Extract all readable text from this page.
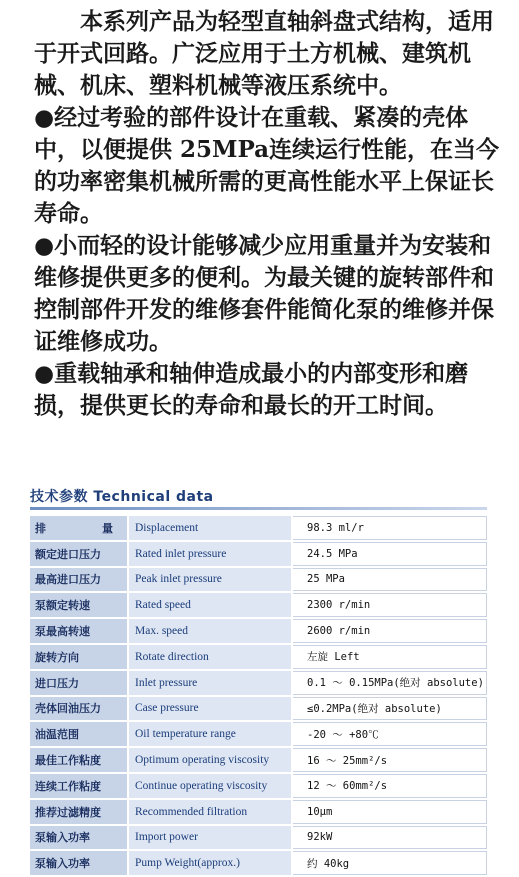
本系列产品为轻型直轴斜盘式结构，适用于开式回路。广泛应用于土方机械、建筑机械、机床、塑料机械等液压系统中。

●经过考验的部件设计在重载、紧凑的壳体中，以便提供 25MPa连续运行性能，在当今的功率密集机械所需的更高性能水平上保证长寿命。

●小而轻的设计能够减少应用重量并为安装和维修提供更多的便利。为最关键的旋转部件和控制部件开发的维修套件能简化泵的维修并保证维修成功。

●重载轴承和轴伸造成最小的内部变形和磨损，提供更长的寿命和最长的开工时间。

技术参数 Technical data
排 量	Displacement	98.3 ml/r
额定进口压力	Rated inlet pressure	24.5 MPa
最高进口压力	Peak inlet pressure	25 MPa
泵额定转速	Rated speed	2300 r/min
泵最高转速	Max. speed	2600 r/min
旋转方向	Rotate direction	左旋 Left
进口压力	Inlet pressure	0.1 ～ 0.15MPa(绝对 absolute)
壳体回油压力	Case pressure	≤0.2MPa(绝对 absolute)
油温范围	Oil temperature range	-20 ～ +80℃
最佳工作粘度	Optimum operating viscosity	16 ～ 25mm²/s
连续工作粘度	Continue operating viscosity	12 ～ 60mm²/s
推荐过滤精度	Recommended filtration	10μm
泵输入功率	Import power	92kW
泵输入功率	Pump Weight(approx.)	约 40kg
